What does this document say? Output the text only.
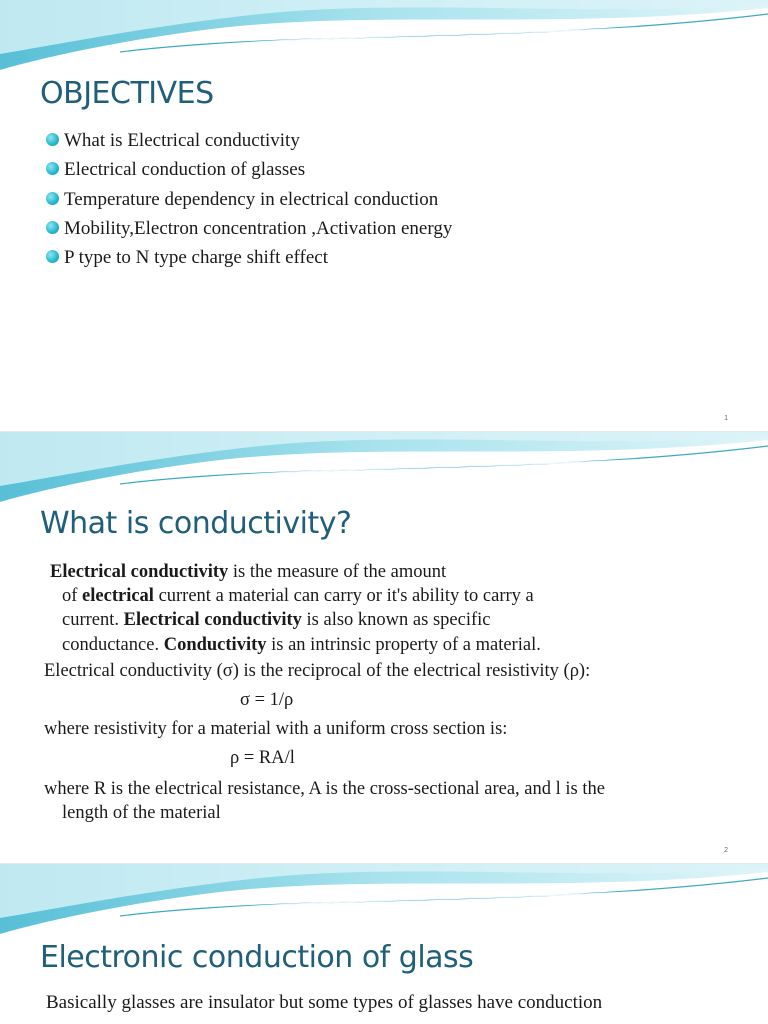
OBJECTIVES
What is Electrical conductivity
Electrical conduction of glasses
Temperature dependency in electrical conduction
Mobility,Electron concentration ,Activation energy
P type to N type charge shift effect
1
What is conductivity?
Electrical conductivity is the measure of the amount
of electrical current a material can carry or it's ability to carry a
current. Electrical conductivity is also known as specific
conductance. Conductivity is an intrinsic property of a material.
Electrical conductivity (σ) is the reciprocal of the electrical resistivity (ρ):
σ = 1/ρ
where resistivity for a material with a uniform cross section is:
ρ = RA/l
where R is the electrical resistance, A is the cross-sectional area, and l is the
length of the material
2
Electronic conduction of glass
Basically glasses are insulator but some types of glasses have conduction
